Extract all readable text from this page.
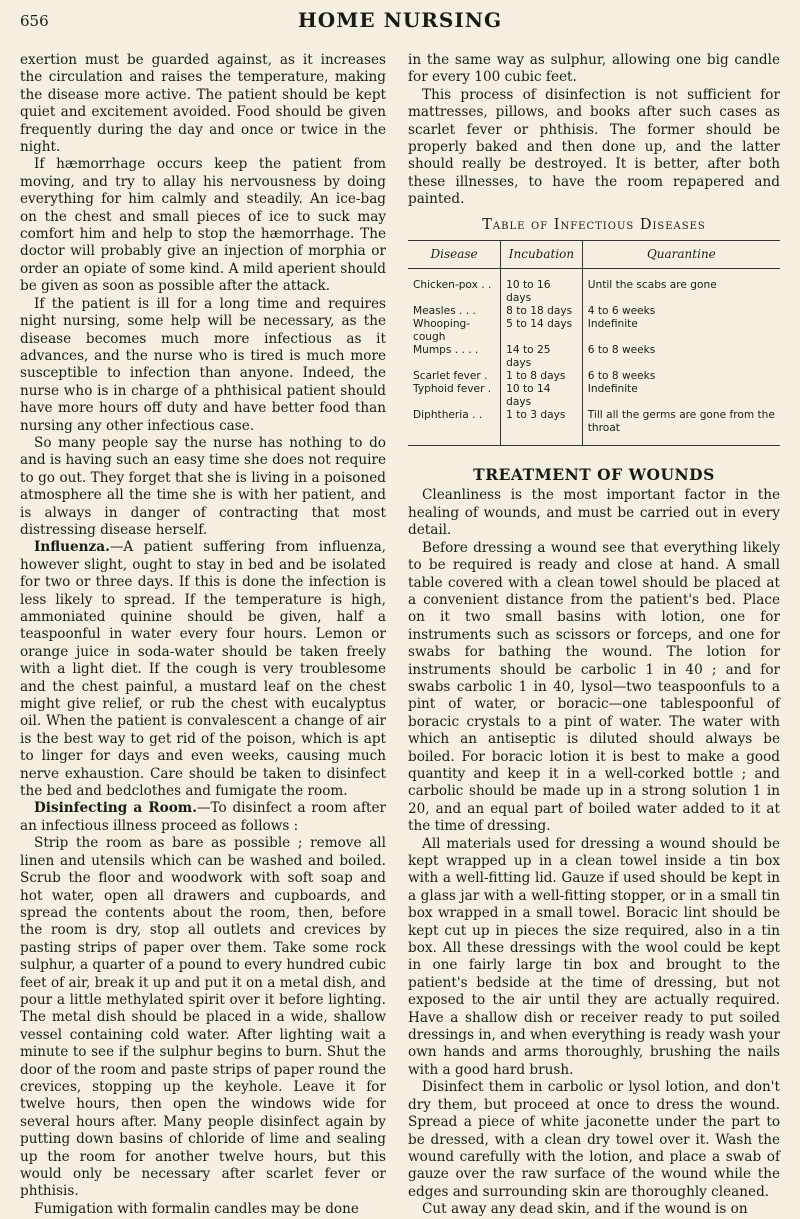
656	HOME NURSING

exertion must be guarded against, as it increases the circulation and raises the temperature, making the disease more active. The patient should be kept quiet and excitement avoided. Food should be given frequently during the day and once or twice in the night.

If hæmorrhage occurs keep the patient from moving, and try to allay his nervousness by doing everything for him calmly and steadily. An ice-bag on the chest and small pieces of ice to suck may comfort him and help to stop the hæmorrhage. The doctor will probably give an injection of morphia or order an opiate of some kind. A mild aperient should be given as soon as possible after the attack.

If the patient is ill for a long time and requires night nursing, some help will be necessary, as the disease becomes much more infectious as it advances, and the nurse who is tired is much more susceptible to infection than anyone. Indeed, the nurse who is in charge of a phthisical patient should have more hours off duty and have better food than nursing any other infectious case.

So many people say the nurse has nothing to do and is having such an easy time she does not require to go out. They forget that she is living in a poisoned atmosphere all the time she is with her patient, and is always in danger of contracting that most distressing disease herself.

Influenza.—A patient suffering from influenza, however slight, ought to stay in bed and be isolated for two or three days. If this is done the infection is less likely to spread. If the temperature is high, ammoniated quinine should be given, half a teaspoonful in water every four hours. Lemon or orange juice in soda-water should be taken freely with a light diet. If the cough is very troublesome and the chest painful, a mustard leaf on the chest might give relief, or rub the chest with eucalyptus oil. When the patient is convalescent a change of air is the best way to get rid of the poison, which is apt to linger for days and even weeks, causing much nerve exhaustion. Care should be taken to disinfect the bed and bedclothes and fumigate the room.

Disinfecting a Room.—To disinfect a room after an infectious illness proceed as follows :

Strip the room as bare as possible ; remove all linen and utensils which can be washed and boiled. Scrub the floor and woodwork with soft soap and hot water, open all drawers and cupboards, and spread the contents about the room, then, before the room is dry, stop all outlets and crevices by pasting strips of paper over them. Take some rock sulphur, a quarter of a pound to every hundred cubic feet of air, break it up and put it on a metal dish, and pour a little methylated spirit over it before lighting. The metal dish should be placed in a wide, shallow vessel containing cold water. After lighting wait a minute to see if the sulphur begins to burn. Shut the door of the room and paste strips of paper round the crevices, stopping up the keyhole. Leave it for twelve hours, then open the windows wide for several hours after. Many people disinfect again by putting down basins of chloride of lime and sealing up the room for another twelve hours, but this would only be necessary after scarlet fever or phthisis.

Fumigation with formalin candles may be done

in the same way as sulphur, allowing one big candle for every 100 cubic feet.

This process of disinfection is not sufficient for mattresses, pillows, and books after such cases as scarlet fever or phthisis. The former should be properly baked and then done up, and the latter should really be destroyed. It is better, after both these illnesses, to have the room repapered and painted.

Table of Infectious Diseases
Disease	Incubation	Quarantine
Chicken-pox . .	10 to 16 days	Until the scabs are gone
Measles . . .	8 to 18 days	4 to 6 weeks
Whooping-cough	5 to 14 days	Indefinite
Mumps . . . .	14 to 25 days	6 to 8 weeks
Scarlet fever .	1 to 8 days	6 to 8 weeks
Typhoid fever .	10 to 14 days	Indefinite
Diphtheria . .	1 to 3 days	Till all the germs are gone from the throat
TREATMENT OF WOUNDS

Cleanliness is the most important factor in the healing of wounds, and must be carried out in every detail.

Before dressing a wound see that everything likely to be required is ready and close at hand. A small table covered with a clean towel should be placed at a convenient distance from the patient's bed. Place on it two small basins with lotion, one for instruments such as scissors or forceps, and one for swabs for bathing the wound. The lotion for instruments should be carbolic 1 in 40 ; and for swabs carbolic 1 in 40, lysol—two teaspoonfuls to a pint of water, or boracic—one tablespoonful of boracic crystals to a pint of water. The water with which an antiseptic is diluted should always be boiled. For boracic lotion it is best to make a good quantity and keep it in a well-corked bottle ; and carbolic should be made up in a strong solution 1 in 20, and an equal part of boiled water added to it at the time of dressing.

All materials used for dressing a wound should be kept wrapped up in a clean towel inside a tin box with a well-fitting lid. Gauze if used should be kept in a glass jar with a well-fitting stopper, or in a small tin box wrapped in a small towel. Boracic lint should be kept cut up in pieces the size required, also in a tin box. All these dressings with the wool could be kept in one fairly large tin box and brought to the patient's bedside at the time of dressing, but not exposed to the air until they are actually required. Have a shallow dish or receiver ready to put soiled dressings in, and when everything is ready wash your own hands and arms thoroughly, brushing the nails with a good hard brush.

Disinfect them in carbolic or lysol lotion, and don't dry them, but proceed at once to dress the wound. Spread a piece of white jaconette under the part to be dressed, with a clean dry towel over it. Wash the wound carefully with the lotion, and place a swab of gauze over the raw surface of the wound while the edges and surrounding skin are thoroughly cleaned.

Cut away any dead skin, and if the wound is on
